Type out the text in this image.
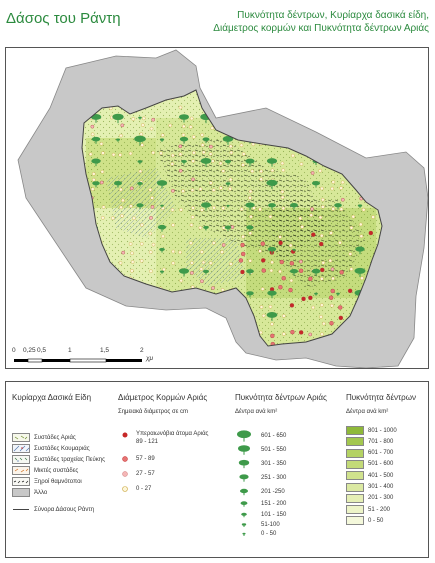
Δάσος του Ράντη	Πυκνότητα δέντρων, Κυρίαρχα δασικά είδη,
Διάμετρος κορμών και Πυκνότητα δέντρων Αριάς
0 0,25 0,5	1	1,5	2
χμ
Κυρίαρχα Δασικά Είδη
Συστάδες Αριάς
Συστάδες Κουμαριάς
Συστάδες τραχείας Πεύκης
Μικτές συστάδες
Ξηροί θαμνότοποι
Άλλο
Σύνορα Δάσους Ράντη
Διάμετρος Κορμών Αριάς
Σημειακά διάμετρος σε cm
Υπεραιωνόβια άτομα Αριάς
89 - 121
57 - 89
27 - 57
0 - 27
Πυκνότητα δέντρων Αριάς
Δέντρα ανά km²
601 - 650
501 - 550
301 - 350
251 - 300
201 -250
151 - 200
101 - 150
51-100
0 - 50
Πυκνότητα δέντρων
Δέντρα ανά km²
801 - 1000
701 - 800
601 - 700
501 - 600
401 - 500
301 - 400
201 - 300
51 - 200
0 - 50
